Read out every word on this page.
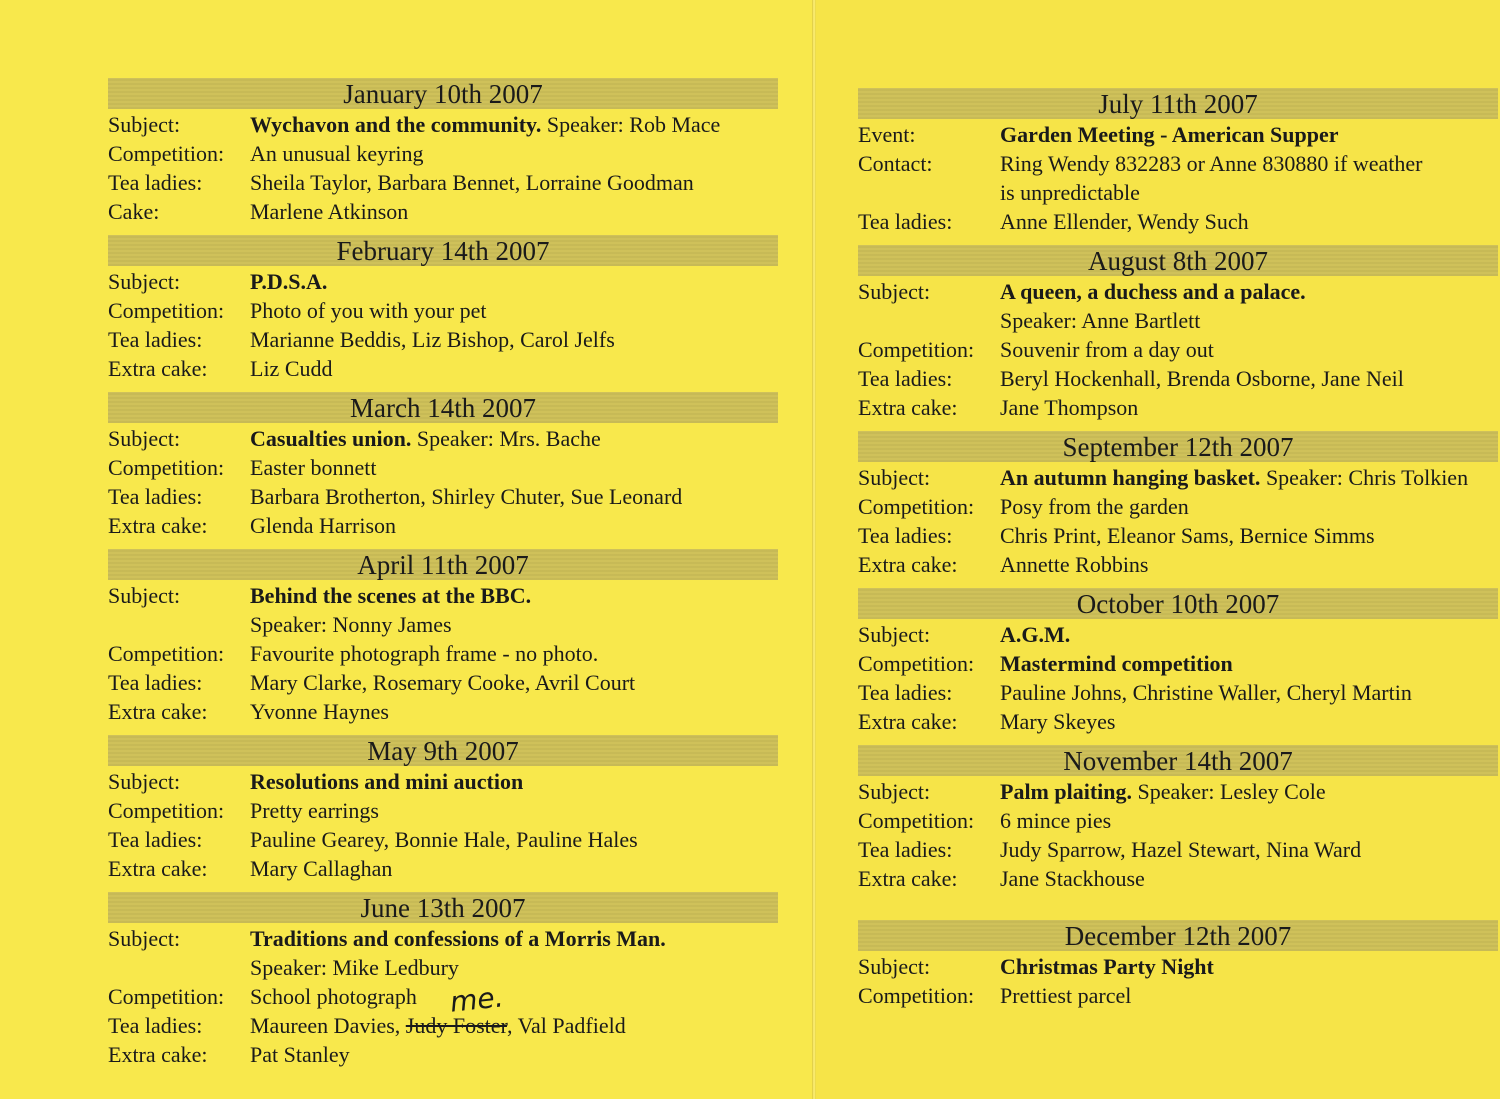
January 10th 2007
Subject:	Wychavon and the community. Speaker: Rob Mace
Competition:	An unusual keyring
Tea ladies:	Sheila Taylor, Barbara Bennet, Lorraine Goodman
Cake:	Marlene Atkinson
February 14th 2007
Subject:	P.D.S.A.
Competition:	Photo of you with your pet
Tea ladies:	Marianne Beddis, Liz Bishop, Carol Jelfs
Extra cake:	Liz Cudd
March 14th 2007
Subject:	Casualties union. Speaker: Mrs. Bache
Competition:	Easter bonnett
Tea ladies:	Barbara Brotherton, Shirley Chuter, Sue Leonard
Extra cake:	Glenda Harrison
April 11th 2007
Subject:	Behind the scenes at the BBC.
Speaker: Nonny James
Competition:	Favourite photograph frame - no photo.
Tea ladies:	Mary Clarke, Rosemary Cooke, Avril Court
Extra cake:	Yvonne Haynes
May 9th 2007
Subject:	Resolutions and mini auction
Competition:	Pretty earrings
Tea ladies:	Pauline Gearey, Bonnie Hale, Pauline Hales
Extra cake:	Mary Callaghan
June 13th 2007
Subject:	Traditions and confessions of a Morris Man.
Speaker: Mike Ledbury
Competition:	School photograph
Tea ladies:	Maureen Davies, Judy Foster, Val Padfield
Extra cake:	Pat Stanley
me.
July 11th 2007
Event:	Garden Meeting - American Supper
Contact:	Ring Wendy 832283 or Anne 830880 if weather
is unpredictable
Tea ladies:	Anne Ellender, Wendy Such
August 8th 2007
Subject:	A queen, a duchess and a palace.
Speaker: Anne Bartlett
Competition:	Souvenir from a day out
Tea ladies:	Beryl Hockenhall, Brenda Osborne, Jane Neil
Extra cake:	Jane Thompson
September 12th 2007
Subject:	An autumn hanging basket. Speaker: Chris Tolkien
Competition:	Posy from the garden
Tea ladies:	Chris Print, Eleanor Sams, Bernice Simms
Extra cake:	Annette Robbins
October 10th 2007
Subject:	A.G.M.
Competition:	Mastermind competition
Tea ladies:	Pauline Johns, Christine Waller, Cheryl Martin
Extra cake:	Mary Skeyes
November 14th 2007
Subject:	Palm plaiting. Speaker: Lesley Cole
Competition:	6 mince pies
Tea ladies:	Judy Sparrow, Hazel Stewart, Nina Ward
Extra cake:	Jane Stackhouse
December 12th 2007
Subject:	Christmas Party Night
Competition:	Prettiest parcel
